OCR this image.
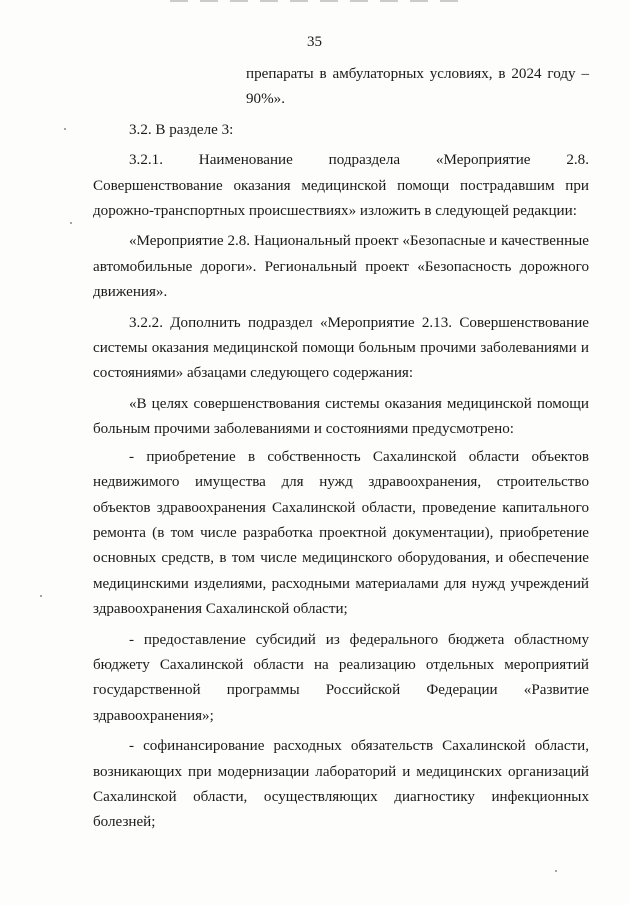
35

препараты в амбулаторных условиях, в 2024 году – 90%».

3.2. В разделе 3:

3.2.1. Наименование подраздела «Мероприятие 2.8. Совершенствование оказания медицинской помощи пострадавшим при дорожно-транспортных происшествиях» изложить в следующей редакции:

«Мероприятие 2.8. Национальный проект «Безопасные и качественные автомобильные дороги». Региональный проект «Безопасность дорожного движения».

3.2.2. Дополнить подраздел «Мероприятие 2.13. Совершенствование системы оказания медицинской помощи больным прочими заболеваниями и состояниями» абзацами следующего содержания:

«В целях совершенствования системы оказания медицинской помощи больным прочими заболеваниями и состояниями предусмотрено:

- приобретение в собственность Сахалинской области объектов недвижимого имущества для нужд здравоохранения, строительство объектов здравоохранения Сахалинской области, проведение капитального ремонта (в том числе разработка проектной документации), приобретение основных средств, в том числе медицинского оборудования, и обеспечение медицинскими изделиями, расходными материалами для нужд учреждений здравоохранения Сахалинской области;

- предоставление субсидий из федерального бюджета областному бюджету Сахалинской области на реализацию отдельных мероприятий государственной программы Российской Федерации «Развитие здравоохранения»;

- софинансирование расходных обязательств Сахалинской области, возникающих при модернизации лабораторий и медицинских организаций Сахалинской области, осуществляющих диагностику инфекционных болезней;
